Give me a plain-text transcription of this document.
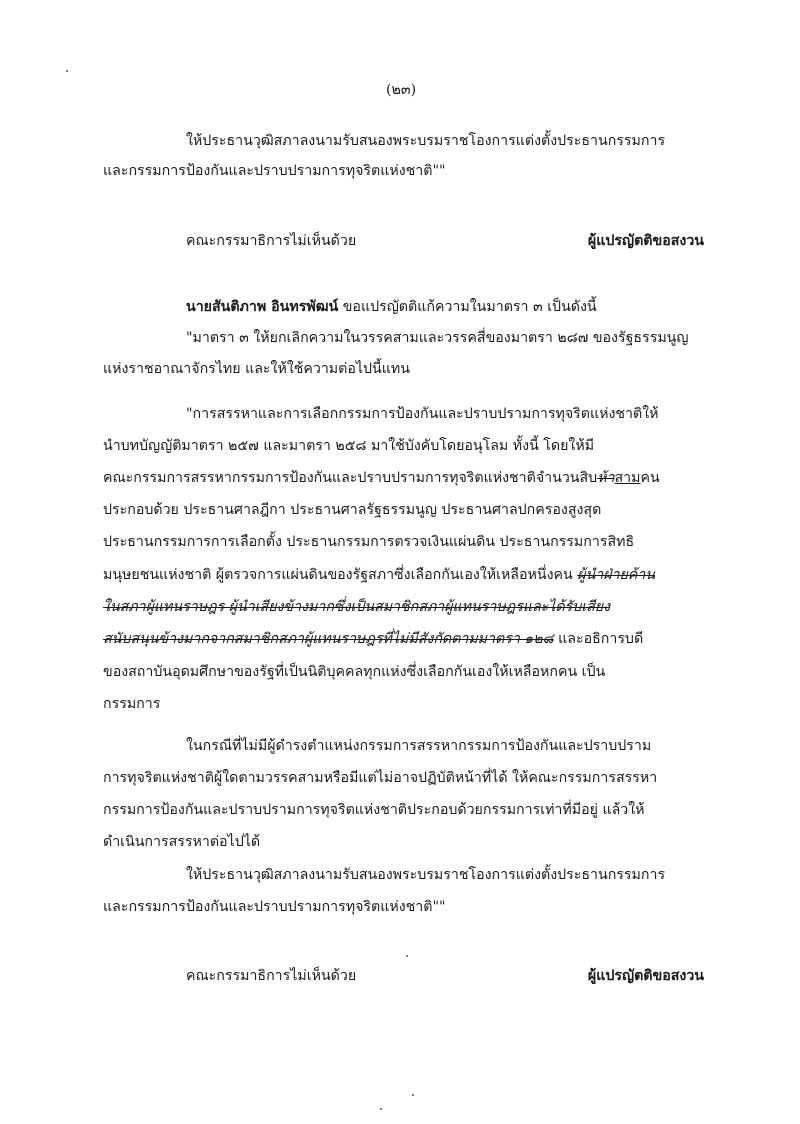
(๒๓)
ให้ประธานวุฒิสภาลงนามรับสนองพระบรมราชโองการแต่งตั้งประธานกรรมการ
และกรรมการป้องกันและปราบปรามการทุจริตแห่งชาติ""
คณะกรรมาธิการไม่เห็นด้วย	ผู้แปรญัตติขอสงวน
นายสันติภาพ อินทรพัฒน์ ขอแปรญัตติแก้ความในมาตรา ๓ เป็นดังนี้
"มาตรา ๓ ให้ยกเลิกความในวรรคสามและวรรคสี่ของมาตรา ๒๘๗ ของรัฐธรรมนูญ
แห่งราชอาณาจักรไทย และให้ใช้ความต่อไปนี้แทน
"การสรรหาและการเลือกกรรมการป้องกันและปราบปรามการทุจริตแห่งชาติให้
นำบทบัญญัติมาตรา ๒๕๗ และมาตรา ๒๕๘ มาใช้บังคับโดยอนุโลม ทั้งนี้ โดยให้มี
คณะกรรมการสรรหากรรมการป้องกันและปราบปรามการทุจริตแห่งชาติจำนวนสิบห้าสามคน
ประกอบด้วย ประธานศาลฎีกา ประธานศาลรัฐธรรมนูญ ประธานศาลปกครองสูงสุด
ประธานกรรมการการเลือกตั้ง ประธานกรรมการตรวจเงินแผ่นดิน ประธานกรรมการสิทธิ
มนุษยชนแห่งชาติ ผู้ตรวจการแผ่นดินของรัฐสภาซึ่งเลือกกันเองให้เหลือหนึ่งคน ผู้นำฝ่ายค้าน
ในสภาผู้แทนราษฎร ผู้นำเสียงข้างมากซึ่งเป็นสมาชิกสภาผู้แทนราษฎรและได้รับเสียง
สนับสนุนข้างมากจากสมาชิกสภาผู้แทนราษฎรที่ไม่มีสังกัดตามมาตรา ๑๒๘ และอธิการบดี
ของสถาบันอุดมศึกษาของรัฐที่เป็นนิติบุคคลทุกแห่งซึ่งเลือกกันเองให้เหลือหกคน เป็น
กรรมการ
ในกรณีที่ไม่มีผู้ดำรงตำแหน่งกรรมการสรรหากรรมการป้องกันและปราบปราม
การทุจริตแห่งชาติผู้ใดตามวรรคสามหรือมีแต่ไม่อาจปฏิบัติหน้าที่ได้ ให้คณะกรรมการสรรหา
กรรมการป้องกันและปราบปรามการทุจริตแห่งชาติประกอบด้วยกรรมการเท่าที่มีอยู่ แล้วให้
ดำเนินการสรรหาต่อไปได้
ให้ประธานวุฒิสภาลงนามรับสนองพระบรมราชโองการแต่งตั้งประธานกรรมการ
และกรรมการป้องกันและปราบปรามการทุจริตแห่งชาติ""
คณะกรรมาธิการไม่เห็นด้วย	ผู้แปรญัตติขอสงวน
